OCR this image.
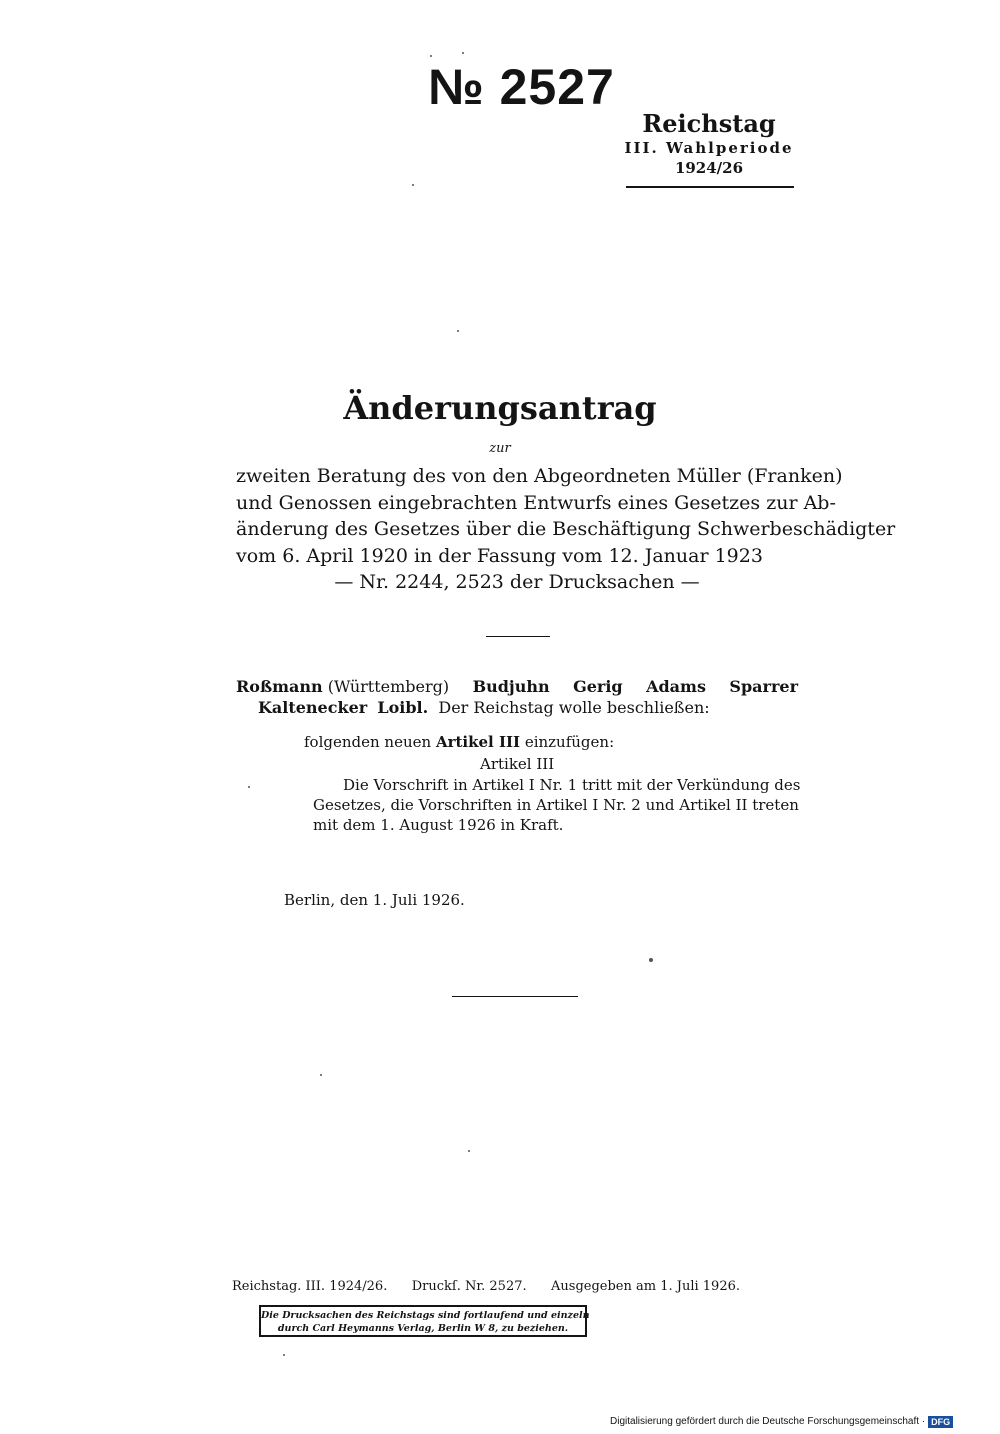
№ 2527
Reichstag
III. Wahlperiode
1924/26
Änderungsantrag
zur
zweiten Beratung des von den Abgeordneten Müller (Franken)
und Genossen eingebrachten Entwurfs eines Gesetzes zur Ab-
änderung des Gesetzes über die Beschäftigung Schwerbeschädigter
vom 6. April 1920 in der Fassung vom 12. Januar 1923
— Nr. 2244, 2523 der Drucksachen —
Roßmann (Württemberg) Budjuhn Gerig Adams Sparrer
Kaltenecker Loibl. Der Reichstag wolle beschließen:
folgenden neuen Artikel III einzufügen:
Artikel III
Die Vorschrift in Artikel I Nr. 1 tritt mit der Verkündung des
Gesetzes, die Vorschriften in Artikel I Nr. 2 und Artikel II treten
mit dem 1. August 1926 in Kraft.
Berlin, den 1. Juli 1926.
Reichstag. III. 1924/26. Druckſ. Nr. 2527. Ausgegeben am 1. Juli 1926.
Die Drucksachen des Reichstags sind fortlaufend und einzeln
durch Carl Heymanns Verlag, Berlin W 8, zu beziehen.
Digitalisierung gefördert durch die Deutsche Forschungsgemeinschaft · DFG
